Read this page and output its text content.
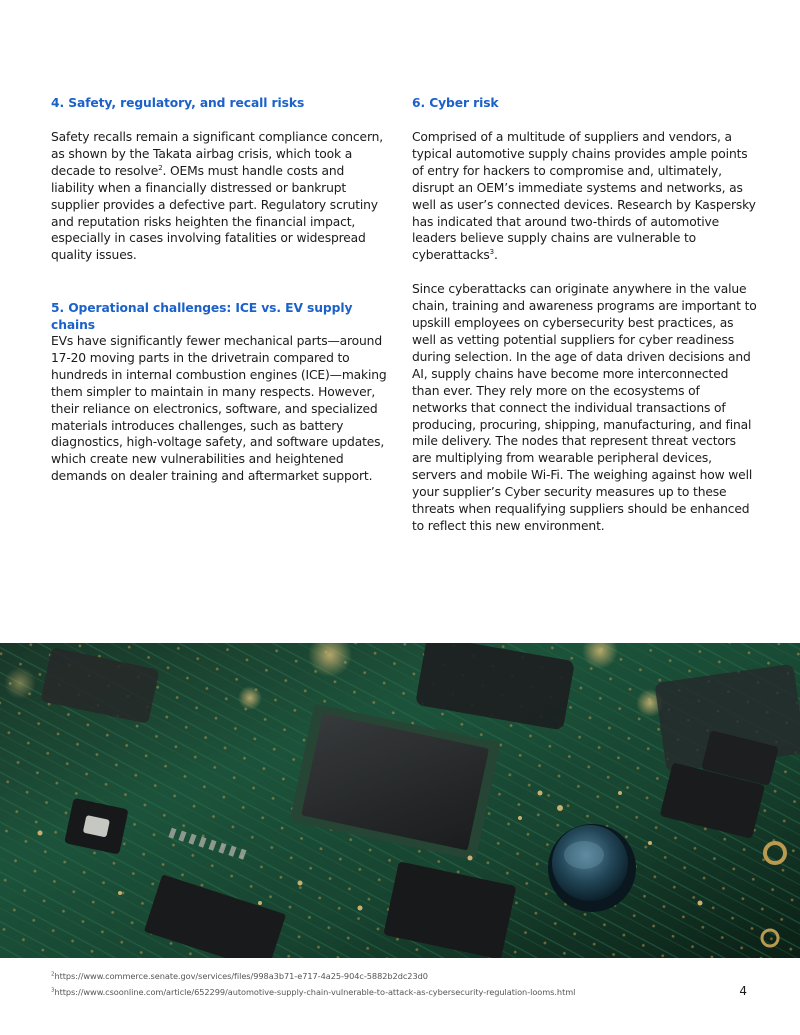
4. Safety, regulatory, and recall risks

Safety recalls remain a significant compliance concern, as shown by the Takata airbag crisis, which took a decade to resolve$^2$. OEMs must handle costs and liability when a financially distressed or bankrupt supplier provides a defective part. Regulatory scrutiny and reputation risks heighten the financial impact, especially in cases involving fatalities or widespread quality issues.

5. Operational challenges: ICE vs. EV supply chains

EVs have significantly fewer mechanical parts—around 17-20 moving parts in the drivetrain compared to hundreds in internal combustion engines (ICE)—making them simpler to maintain in many respects. However, their reliance on electronics, software, and specialized materials introduces challenges, such as battery diagnostics, high-voltage safety, and software updates, which create new vulnerabilities and heightened demands on dealer training and aftermarket support.

6. Cyber risk

Comprised of a multitude of suppliers and vendors, a typical automotive supply chains provides ample points of entry for hackers to compromise and, ultimately, disrupt an OEM’s immediate systems and networks, as well as user’s connected devices. Research by Kaspersky has indicated that around two-thirds of automotive leaders believe supply chains are vulnerable to cyberattacks$^3$.

Since cyberattacks can originate anywhere in the value chain, training and awareness programs are important to upskill employees on cybersecurity best practices, as well as vetting potential suppliers for cyber readiness during selection. In the age of data driven decisions and AI, supply chains have become more interconnected than ever. They rely more on the ecosystems of networks that connect the individual transactions of producing, procuring, shipping, manufacturing, and final mile delivery. The nodes that represent threat vectors are multiplying from wearable peripheral devices, servers and mobile Wi-Fi. The weighing against how well your supplier’s Cyber security measures up to these threats when requalifying suppliers should be enhanced to reflect this new environment.

$^2$https://www.commerce.senate.gov/services/files/998a3b71-e717-4a25-904c-5882b2dc23d0
$^3$https://www.csoonline.com/article/652299/automotive-supply-chain-vulnerable-to-attack-as-cybersecurity-regulation-looms.html	4
